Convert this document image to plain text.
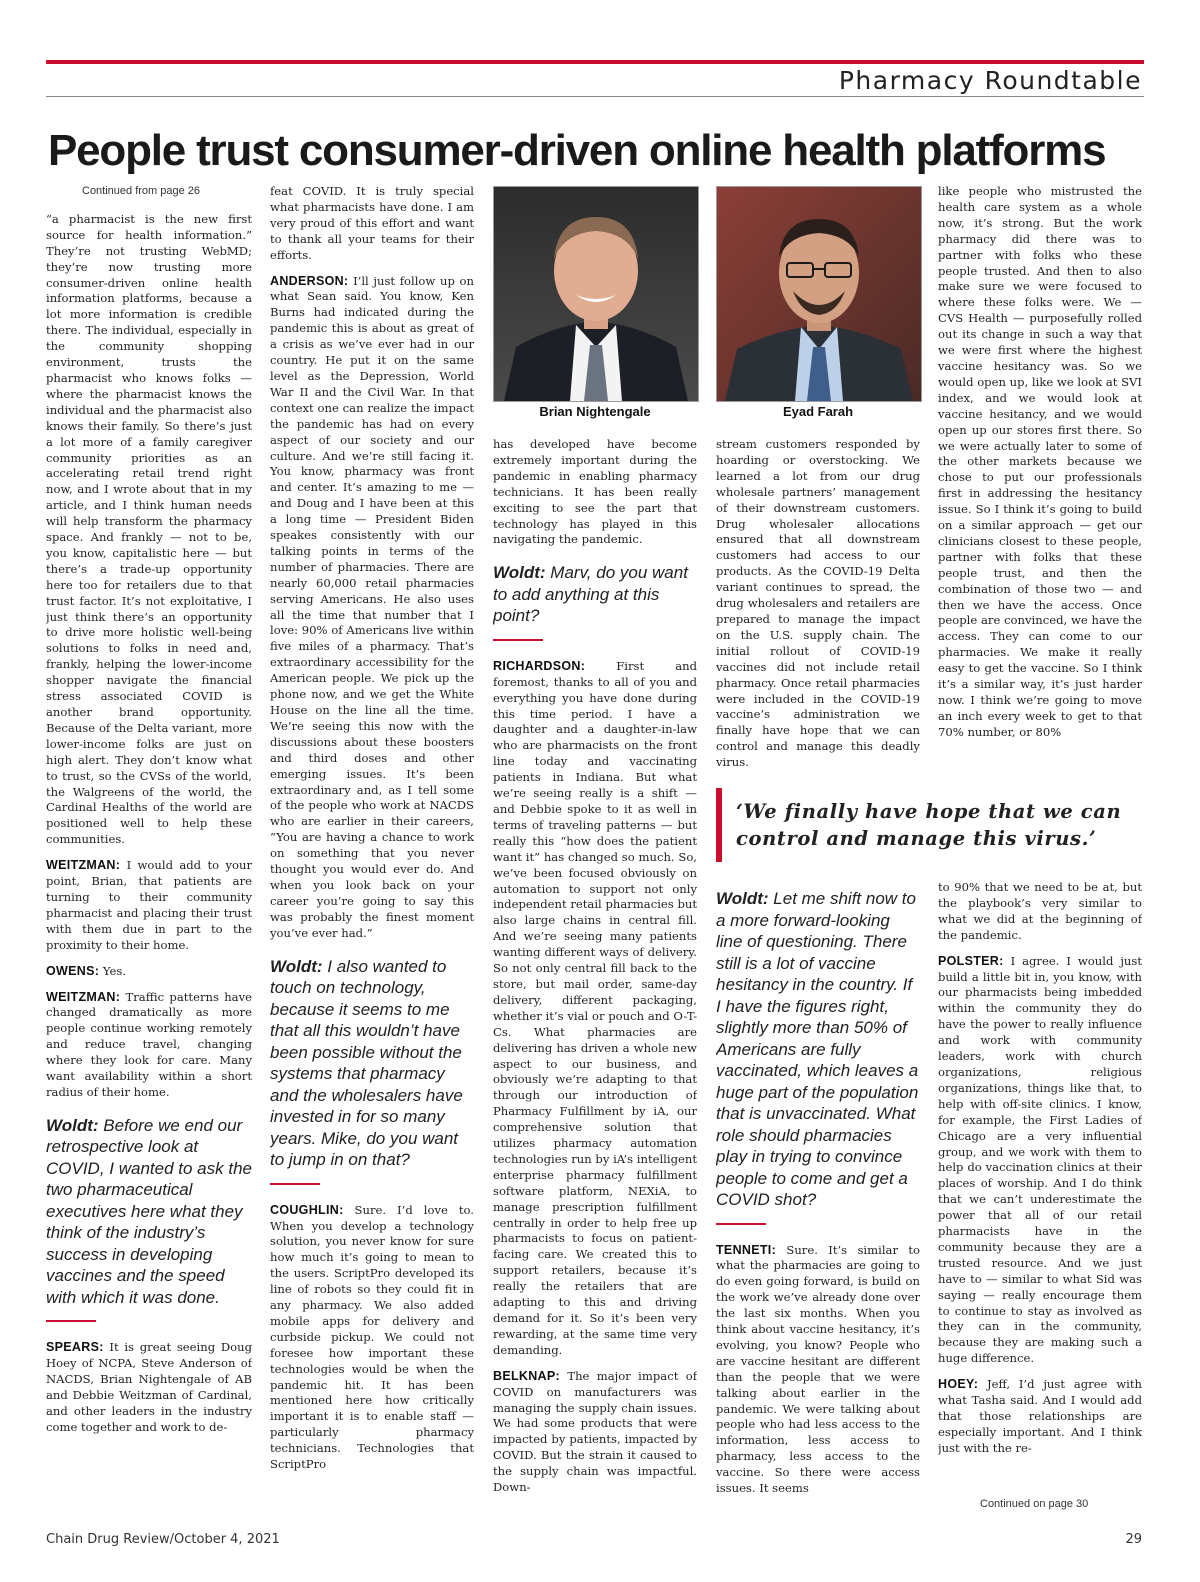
Pharmacy Roundtable
People trust consumer-driven online health platforms
Continued from page 26

“a pharmacist is the new first source for health information.” They’re not trusting WebMD; they’re now trusting more consumer-driven online health information platforms, because a lot more information is credible there. The individual, especially in the community shopping environment, trusts the pharmacist who knows folks — where the pharmacist knows the individual and the pharmacist also knows their family. So there’s just a lot more of a family caregiver community priorities as an accelerating retail trend right now, and I wrote about that in my article, and I think human needs will help transform the pharmacy space. And frankly — not to be, you know, capitalistic here — but there’s a trade-up opportunity here too for retailers due to that trust factor. It’s not exploitative, I just think there’s an opportunity to drive more holistic well-being solutions to folks in need and, frankly, helping the lower-income shopper navigate the financial stress associated COVID is another brand opportunity. Because of the Delta variant, more lower-income folks are just on high alert. They don’t know what to trust, so the CVSs of the world, the Walgreens of the world, the Cardinal Healths of the world are positioned well to help these communities.

WEITZMAN: I would add to your point, Brian, that patients are turning to their community pharmacist and placing their trust with them due in part to the proximity to their home.

OWENS: Yes.

WEITZMAN: Traffic patterns have changed dramatically as more people continue working remotely and reduce travel, changing where they look for care. Many want availability within a short radius of their home.

Woldt: Before we end our retrospective look at COVID, I wanted to ask the two pharmaceutical executives here what they think of the industry’s success in developing vaccines and the speed with which it was done.

SPEARS: It is great seeing Doug Hoey of NCPA, Steve Anderson of NACDS, Brian Nightengale of AB and Debbie Weitzman of Cardinal, and other leaders in the industry come together and work to de-

feat COVID. It is truly special what pharmacists have done. I am very proud of this effort and want to thank all your teams for their efforts.

ANDERSON: I’ll just follow up on what Sean said. You know, Ken Burns had indicated during the pandemic this is about as great of a crisis as we’ve ever had in our country. He put it on the same level as the Depression, World War II and the Civil War. In that context one can realize the impact the pandemic has had on every aspect of our society and our culture. And we’re still facing it. You know, pharmacy was front and center. It’s amazing to me — and Doug and I have been at this a long time — President Biden speakes consistently with our talking points in terms of the number of pharmacies. There are nearly 60,000 retail pharmacies serving Americans. He also uses all the time that number that I love: 90% of Americans live within five miles of a pharmacy. That’s extraordinary accessibility for the American people. We pick up the phone now, and we get the White House on the line all the time. We’re seeing this now with the discussions about these boosters and third doses and other emerging issues. It’s been extraordinary and, as I tell some of the people who work at NACDS who are earlier in their careers, “You are having a chance to work on something that you never thought you would ever do. And when you look back on your career you’re going to say this was probably the finest moment you’ve ever had.”

Woldt: I also wanted to touch on technology, because it seems to me that all this wouldn’t have been possible without the systems that pharmacy and the wholesalers have invested in for so many years. Mike, do you want to jump in on that?

COUGHLIN: Sure. I’d love to. When you develop a technology solution, you never know for sure how much it’s going to mean to the users. ScriptPro developed its line of robots so they could fit in any pharmacy. We also added mobile apps for delivery and curbside pickup. We could not foresee how important these technologies would be when the pandemic hit. It has been mentioned here how critically important it is to enable staff — particularly pharmacy technicians. Technologies that ScriptPro

Brian Nightengale	Eyad Farah

has developed have become extremely important during the pandemic in enabling pharmacy technicians. It has been really exciting to see the part that technology has played in this navigating the pandemic.

Woldt: Marv, do you want to add anything at this point?

RICHARDSON: First and foremost, thanks to all of you and everything you have done during this time period. I have a daughter and a daughter-in-law who are pharmacists on the front line today and vaccinating patients in Indiana. But what we’re seeing really is a shift — and Debbie spoke to it as well in terms of traveling patterns — but really this “how does the patient want it” has changed so much. So, we’ve been focused obviously on automation to support not only independent retail pharmacies but also large chains in central fill. And we’re seeing many patients wanting different ways of delivery. So not only central fill back to the store, but mail order, same-day delivery, different packaging, whether it’s vial or pouch and O-T-Cs. What pharmacies are delivering has driven a whole new aspect to our business, and obviously we’re adapting to that through our introduction of Pharmacy Fulfillment by iA, our comprehensive solution that utilizes pharmacy automation technologies run by iA’s intelligent enterprise pharmacy fulfillment software platform, NEXiA, to manage prescription fulfillment centrally in order to help free up pharmacists to focus on patient-facing care. We created this to support retailers, because it’s really the retailers that are adapting to this and driving demand for it. So it’s been very rewarding, at the same time very demanding.

BELKNAP: The major impact of COVID on manufacturers was managing the supply chain issues. We had some products that were impacted by patients, impacted by COVID. But the strain it caused to the supply chain was impactful. Down-

stream customers responded by hoarding or overstocking. We learned a lot from our drug wholesale partners’ management of their downstream customers. Drug wholesaler allocations ensured that all downstream customers had access to our products. As the COVID-19 Delta variant continues to spread, the drug wholesalers and retailers are prepared to manage the impact on the U.S. supply chain. The initial rollout of COVID-19 vaccines did not include retail pharmacy. Once retail pharmacies were included in the COVID-19 vaccine’s administration we finally have hope that we can control and manage this deadly virus.

‘We finally have hope that we can control and manage this virus.’

Woldt: Let me shift now to a more forward-looking line of questioning. There still is a lot of vaccine hesitancy in the country. If I have the figures right, slightly more than 50% of Americans are fully vaccinated, which leaves a huge part of the population that is unvaccinated. What role should pharmacies play in trying to convince people to come and get a COVID shot?

TENNETI: Sure. It’s similar to what the pharmacies are going to do even going forward, is build on the work we’ve already done over the last six months. When you think about vaccine hesitancy, it’s evolving, you know? People who are vaccine hesitant are different than the people that we were talking about earlier in the pandemic. We were talking about people who had less access to the information, less access to pharmacy, less access to the vaccine. So there were access issues. It seems

like people who mistrusted the health care system as a whole now, it’s strong. But the work pharmacy did there was to partner with folks who these people trusted. And then to also make sure we were focused to where these folks were. We — CVS Health — purposefully rolled out its change in such a way that we were first where the highest vaccine hesitancy was. So we would open up, like we look at SVI index, and we would look at vaccine hesitancy, and we would open up our stores first there. So we were actually later to some of the other markets because we chose to put our professionals first in addressing the hesitancy issue. So I think it’s going to build on a similar approach — get our clinicians closest to these people, partner with folks that these people trust, and then the combination of those two — and then we have the access. Once people are convinced, we have the access. They can come to our pharmacies. We make it really easy to get the vaccine. So I think it’s a similar way, it’s just harder now. I think we’re going to move an inch every week to get to that 70% number, or 80%

to 90% that we need to be at, but the playbook’s very similar to what we did at the beginning of the pandemic.

POLSTER: I agree. I would just build a little bit in, you know, with our pharmacists being imbedded within the community they do have the power to really influence and work with community leaders, work with church organizations, religious organizations, things like that, to help with off-site clinics. I know, for example, the First Ladies of Chicago are a very influential group, and we work with them to help do vaccination clinics at their places of worship. And I do think that we can’t underestimate the power that all of our retail pharmacists have in the community because they are a trusted resource. And we just have to — similar to what Sid was saying — really encourage them to continue to stay as involved as they can in the community, because they are making such a huge difference.

HOEY: Jeff, I’d just agree with what Tasha said. And I would add that those relationships are especially important. And I think just with the re-

Continued on page 30
Chain Drug Review/October 4, 2021	29
